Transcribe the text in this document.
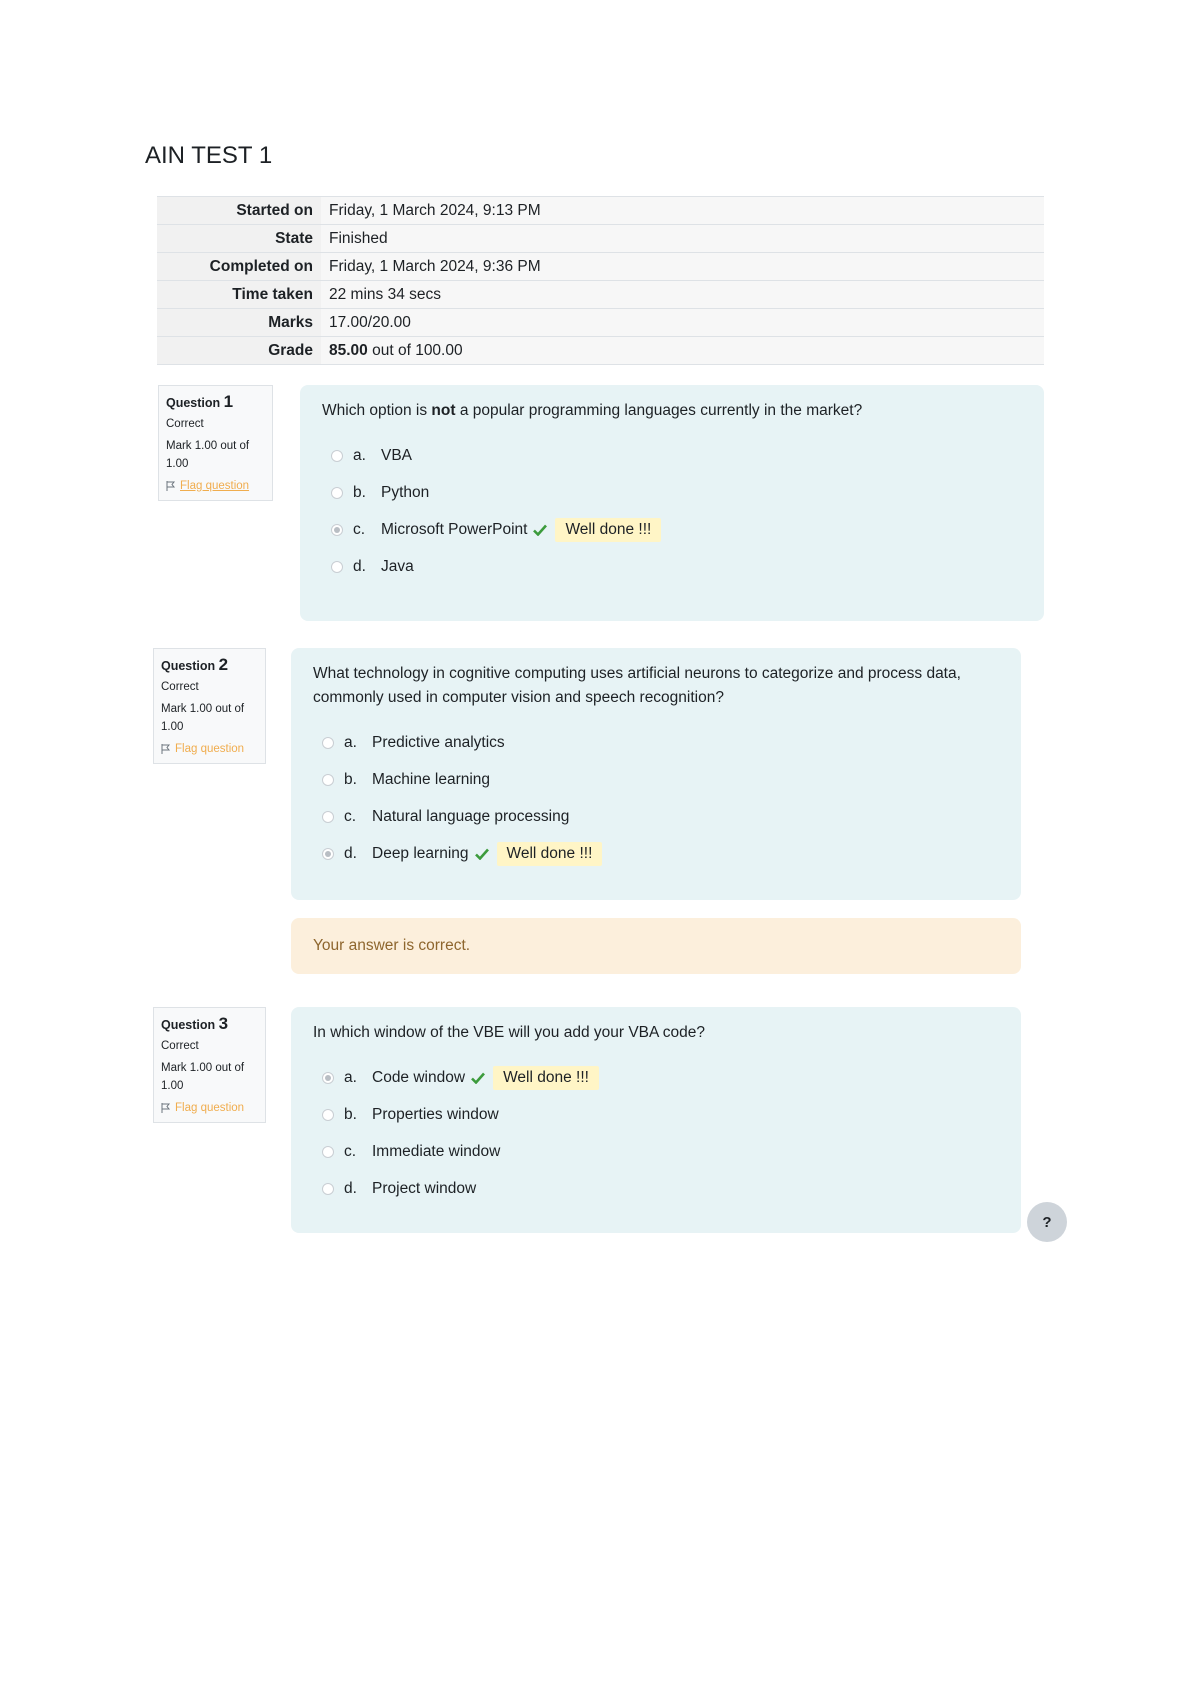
AIN TEST 1
Started on	Friday, 1 March 2024, 9:13 PM
State	Finished
Completed on	Friday, 1 March 2024, 9:36 PM
Time taken	22 mins 34 secs
Marks	17.00/20.00
Grade	85.00 out of 100.00
Question 1
Correct
Mark 1.00 out of 1.00
Flag question
Which option is not a popular programming languages currently in the market?
a. VBA
b. Python
c.	Microsoft PowerPoint	Well done !!!
d. Java
Question 2
Correct
Mark 1.00 out of 1.00
Flag question
What technology in cognitive computing uses artificial neurons to categorize and process data, commonly used in computer vision and speech recognition?
a. Predictive analytics
b. Machine learning
c.	Natural language processing
d. Deep learning	Well done !!!
Your answer is correct.
Question 3
Correct
Mark 1.00 out of 1.00
Flag question
In which window of the VBE will you add your VBA code?
a. Code window	Well done !!!
b. Properties window
c.	Immediate window
d. Project window
?
